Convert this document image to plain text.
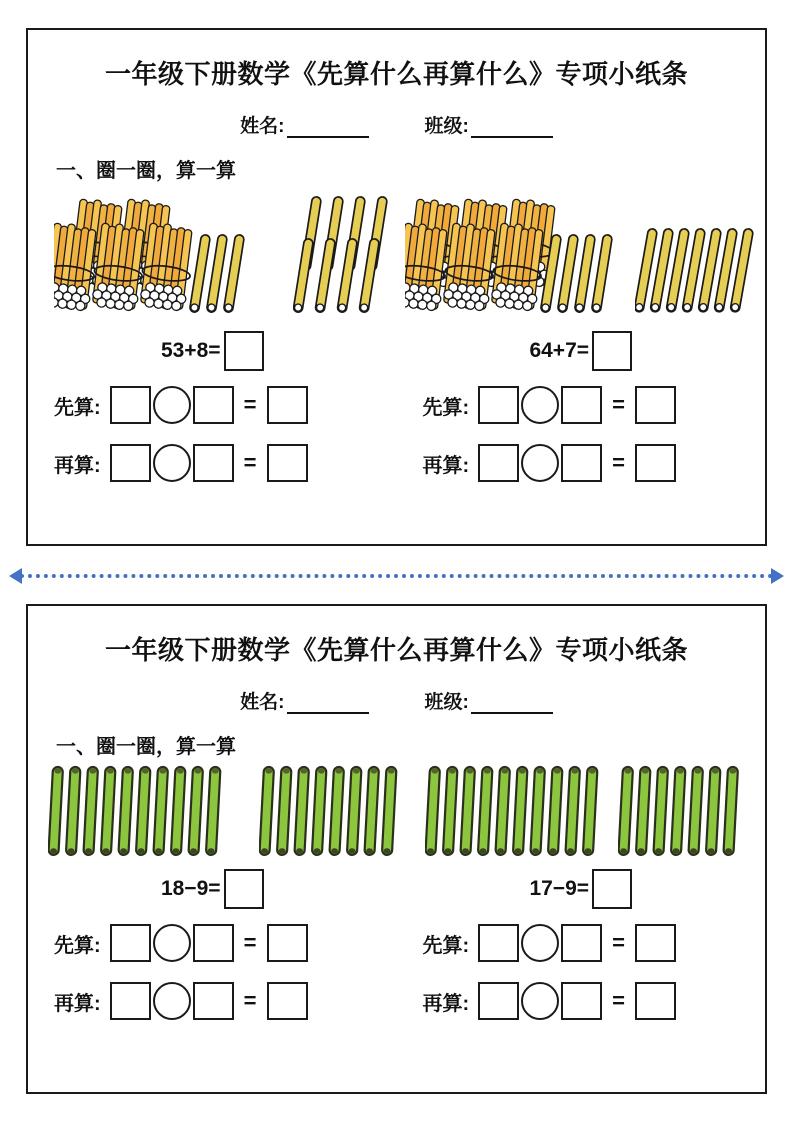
一年级下册数学《先算什么再算什么》专项小纸条
姓名:	班级:
一、圈一圈，算一算
53+8=
先算:	=
再算:	=
64+7=
先算:	=
再算:	=
一年级下册数学《先算什么再算什么》专项小纸条
姓名:	班级:
一、圈一圈，算一算
18−9=
先算:	=
再算:	=
17−9=
先算:	=
再算:	=
